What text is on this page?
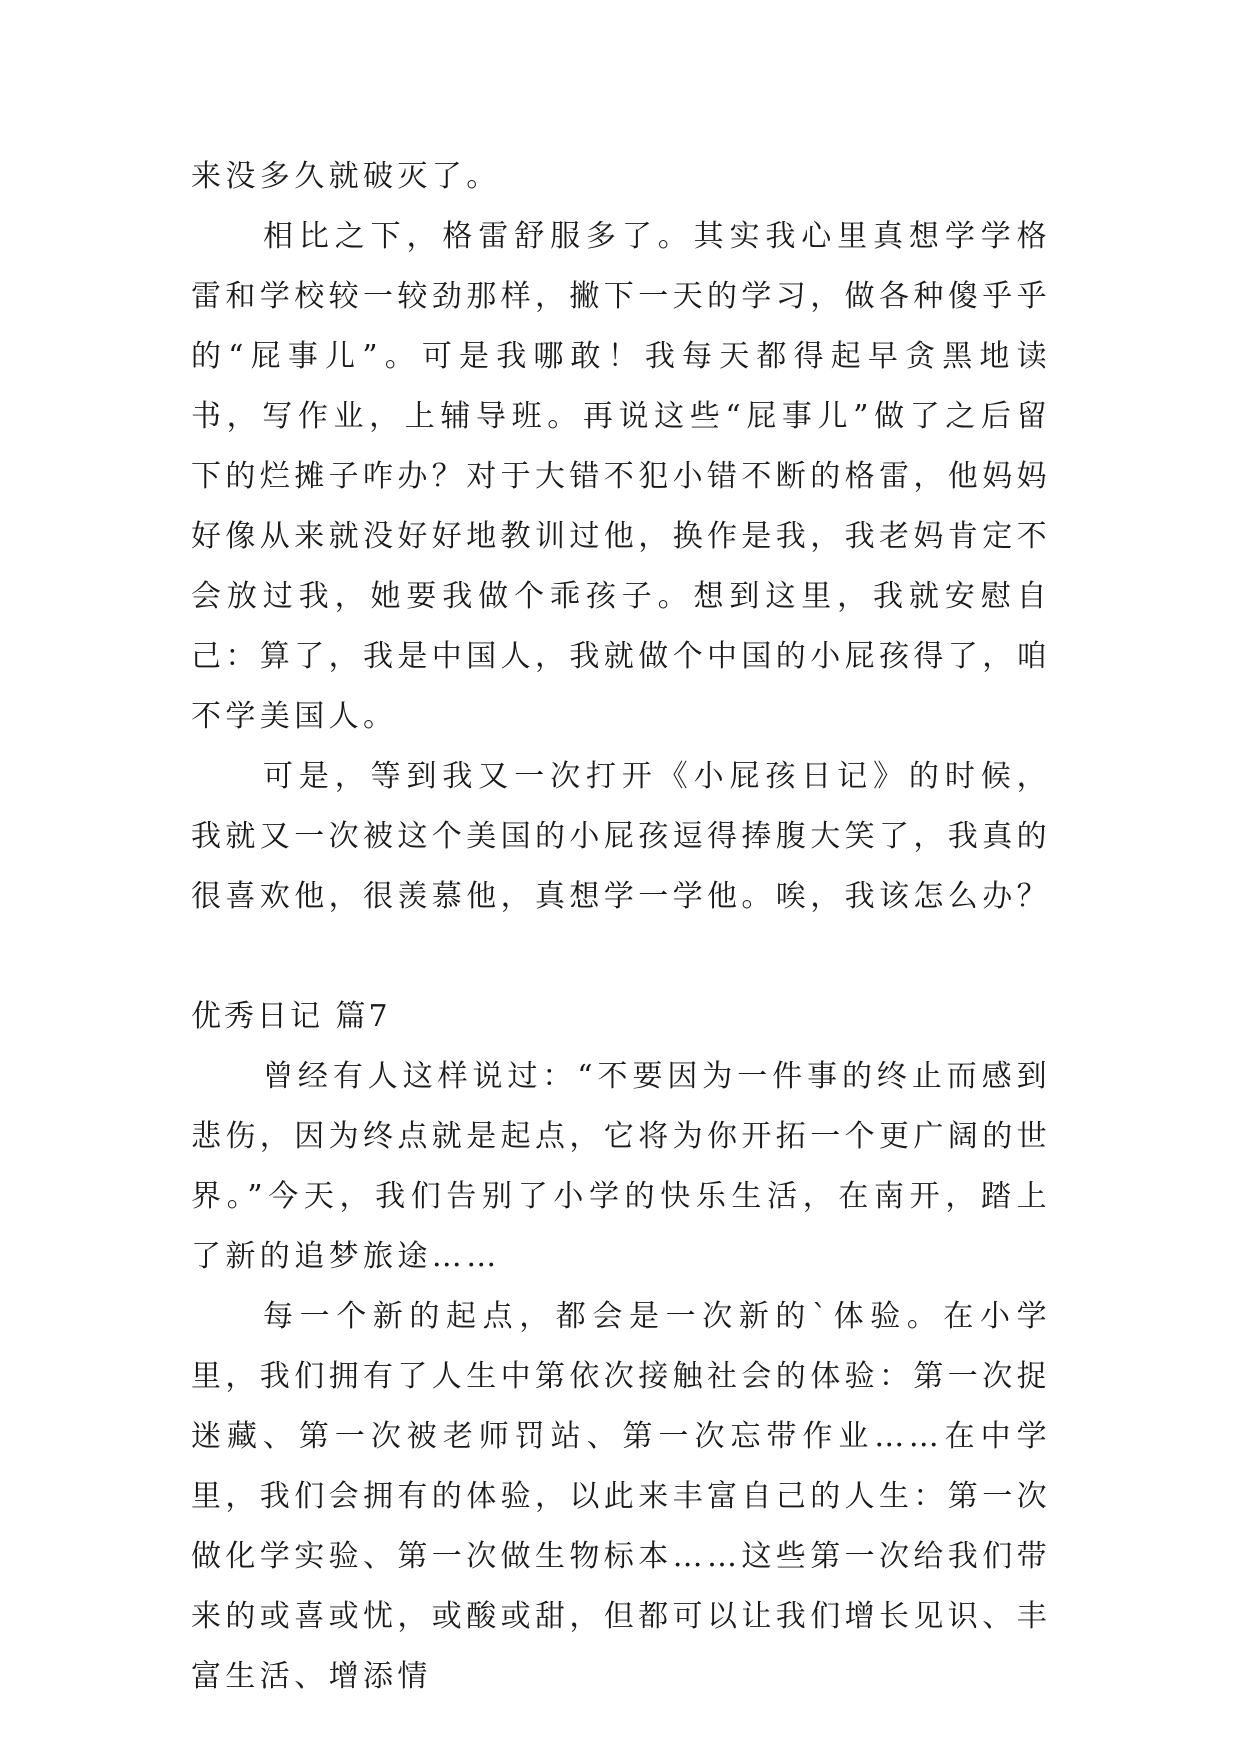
来没多久就破灭了。

相比之下，格雷舒服多了。其实我心里真想学学格雷和学校较一较劲那样，撇下一天的学习，做各种傻乎乎的“屁事儿”。可是我哪敢！我每天都得起早贪黑地读书，写作业，上辅导班。再说这些“屁事儿”做了之后留下的烂摊子咋办？对于大错不犯小错不断的格雷，他妈妈好像从来就没好好地教训过他，换作是我，我老妈肯定不会放过我，她要我做个乖孩子。想到这里，我就安慰自己：算了，我是中国人，我就做个中国的小屁孩得了，咱不学美国人。

可是，等到我又一次打开《小屁孩日记》的时候，我就又一次被这个美国的小屁孩逗得捧腹大笑了，我真的很喜欢他，很羡慕他，真想学一学他。唉，我该怎么办？

优秀日记 篇7

曾经有人这样说过：“不要因为一件事的终止而感到悲伤，因为终点就是起点，它将为你开拓一个更广阔的世界。”今天，我们告别了小学的快乐生活，在南开，踏上了新的追梦旅途……

每一个新的起点，都会是一次新的`体验。在小学里，我们拥有了人生中第依次接触社会的体验：第一次捉迷藏、第一次被老师罚站、第一次忘带作业……在中学里，我们会拥有的体验，以此来丰富自己的人生：第一次做化学实验、第一次做生物标本……这些第一次给我们带来的或喜或忧，或酸或甜，但都可以让我们增长见识、丰富生活、增添情
